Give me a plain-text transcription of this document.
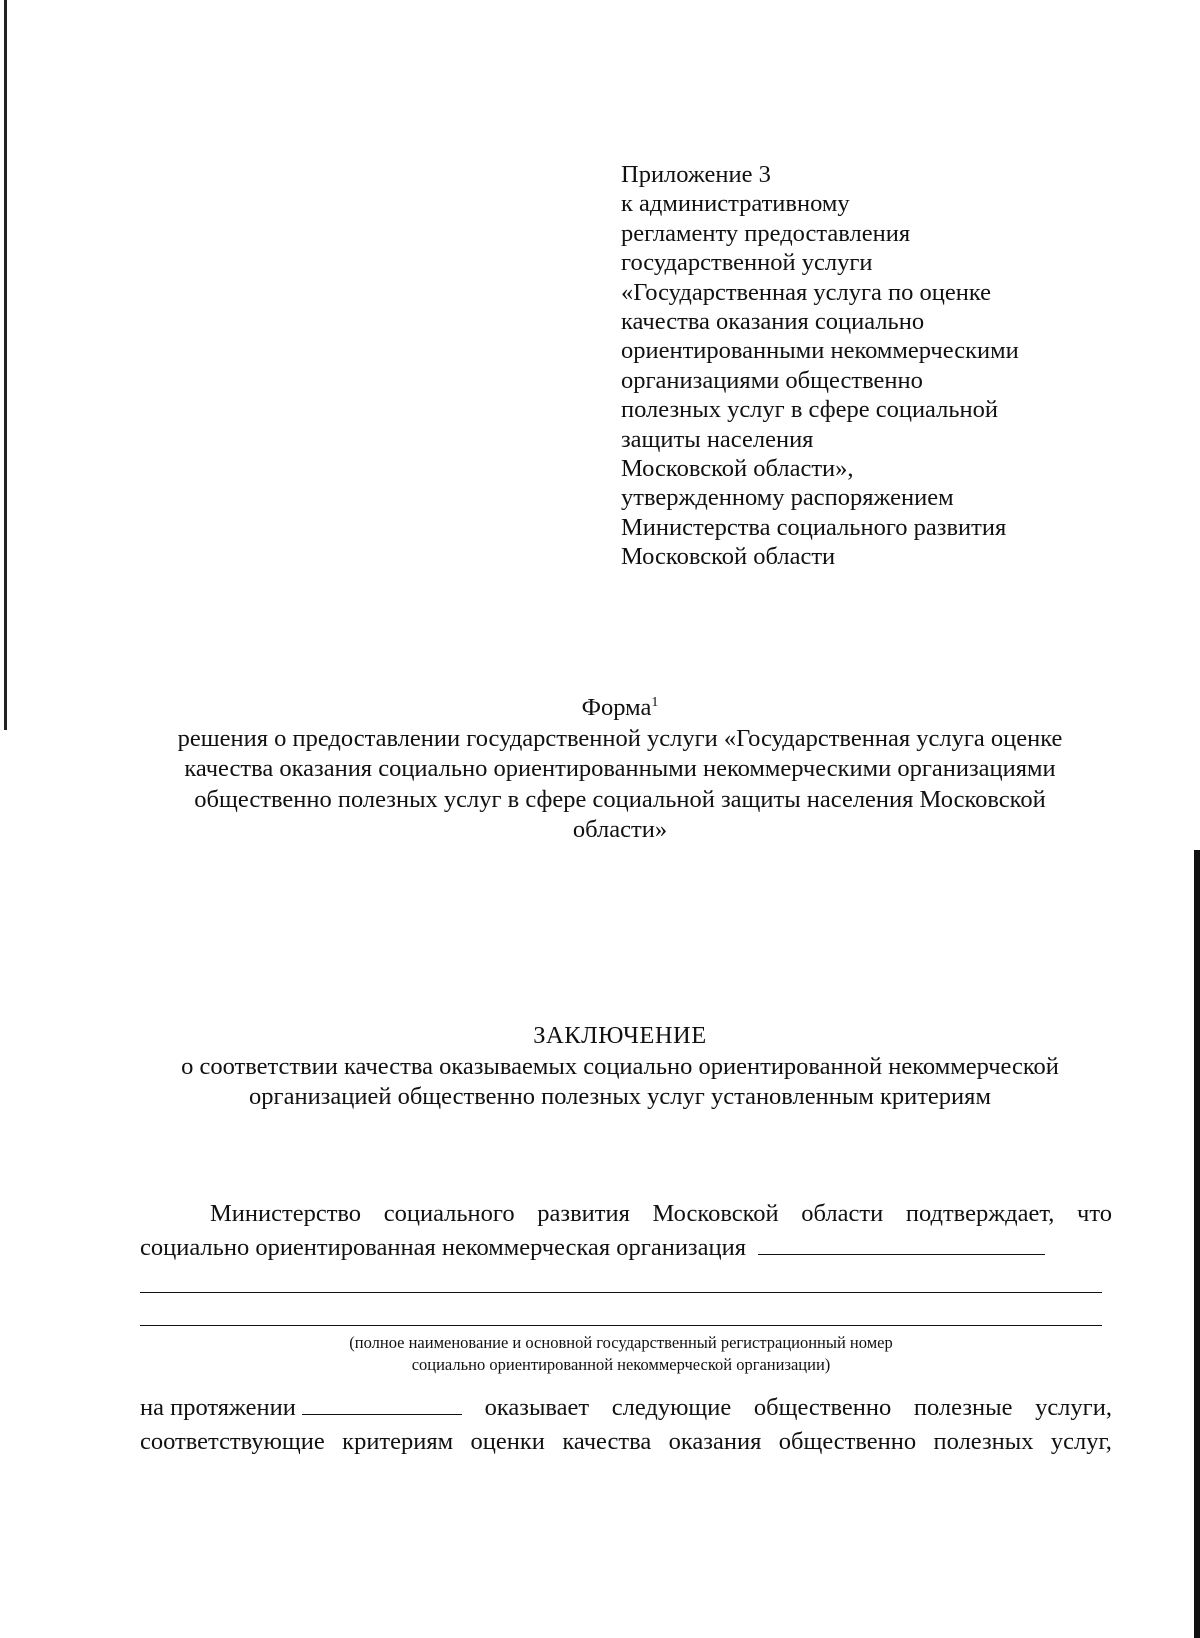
Приложение 3
к административному
регламенту предоставления
государственной услуги
«Государственная услуга по оценке
качества оказания социально
ориентированными некоммерческими
организациями общественно
полезных услуг в сфере социальной
защиты населения
Московской области»,
утвержденному распоряжением
Министерства социального развития
Московской области
Форма$^1$
решения о предоставлении государственной услуги «Государственная услуга оценке
качества оказания социально ориентированными некоммерческими организациями
общественно полезных услуг в сфере социальной защиты населения Московской
области»
ЗАКЛЮЧЕНИЕ
о соответствии качества оказываемых социально ориентированной некоммерческой
организацией общественно полезных услуг установленным критериям
Министерство социального развития Московской области подтверждает, что
социально ориентированная некоммерческая организация
(полное наименование и основной государственный регистрационный номер
социально ориентированной некоммерческой организации)
на протяжении	оказывает следующие общественно полезные услуги,
соответствующие критериям оценки качества оказания общественно полезных услуг,
